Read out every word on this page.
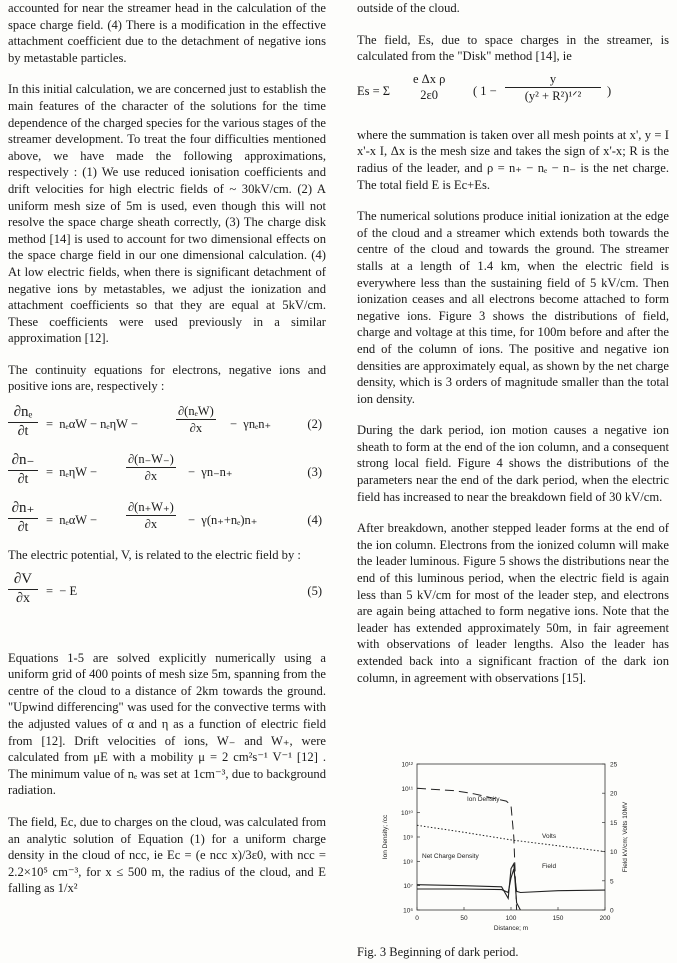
accounted for near the streamer head in the calculation of the space charge field. (4) There is a modification in the effective attachment coefficient due to the detachment of negative ions by metastable particles.

In this initial calculation, we are concerned just to establish the main features of the character of the solutions for the time dependence of the charged species for the various stages of the streamer development. To treat the four difficulties mentioned above, we have made the following approximations, respectively : (1) We use reduced ionisation coefficients and drift velocities for high electric fields of ~ 30kV/cm. (2) A uniform mesh size of 5m is used, even though this will not resolve the space charge sheath correctly, (3) The charge disk method [14] is used to account for two dimensional effects on the space charge field in our one dimensional calculation. (4) At low electric fields, when there is significant detachment of negative ions by metastables, we adjust the ionization and attachment coefficients so that they are equal at 5kV/cm. These coefficients were used previously in a similar approximation [12].

The continuity equations for electrons, negative ions and positive ions are, respectively :

$\frac{\text{∂nₑ}}{\partial t} = n_e\alpha W - n_e\eta W$ −
∂(nₑW)
∂x	−  γnₑn₊	(2)
$\frac{\partial n_-}{\partial t} = n_e\eta W - \frac{\partial(n_-W_-)}{\partial x} - \gamma n_-n_+$	(3)
$\frac{\partial n_+}{\partial t} = n_e\alpha W - \frac{\partial(n_+W_+)}{\partial x} - \gamma(n_++n_e)n_+$	(4)

The electric potential, V, is related to the electric field by :

$\frac{\partial V}{\partial x}$ =  − E	(5)

Equations 1-5 are solved explicitly numerically using a uniform grid of 400 points of mesh size 5m, spanning from the centre of the cloud to a distance of 2km towards the ground. "Upwind differencing" was used for the convective terms with the adjusted values of α and η as a function of electric field from [12]. Drift velocities of ions, W₋ and W₊, were calculated from μE with a mobility μ = 2 cm²s⁻¹ V⁻¹ [12] . The minimum value of nₑ was set at 1cm⁻³, due to background radiation.

The field, Ec, due to charges on the cloud, was calculated from an analytic solution of Equation (1) for a uniform charge density in the cloud of ncc, ie Ec = (e ncc x)/3ε0, with ncc = 2.2×10⁵ cm⁻³, for x ≤ 500 m, the radius of the cloud, and E falling as 1/x²

outside of the cloud.

The field, Es, due to space charges in the streamer, is calculated from the "Disk" method [14], ie

Es = Σ
e Δx ρ
2ε0	( 1 −
y
(y² + R²)¹ᐟ²	)

where the summation is taken over all mesh points at x', y = I x'-x I, Δx is the mesh size and takes the sign of x'-x; R is the radius of the leader, and ρ = n₊ − nₑ − n₋ is the net charge. The total field E is Ec+Es.

The numerical solutions produce initial ionization at the edge of the cloud and a streamer which extends both towards the centre of the cloud and towards the ground. The streamer stalls at a length of 1.4 km, when the electric field is everywhere less than the sustaining field of 5 kV/cm. Then ionization ceases and all electrons become attached to form negative ions. Figure 3 shows the distributions of field, charge and voltage at this time, for 100m before and after the end of the column of ions. The positive and negative ion densities are approximately equal, as shown by the net charge density, which is 3 orders of magnitude smaller than the total ion density.

During the dark period, ion motion causes a negative ion sheath to form at the end of the ion column, and a consequent strong local field. Figure 4 shows the distributions of the parameters near the end of the dark period, when the electric field has increased to near the breakdown field of 30 kV/cm.

After breakdown, another stepped leader forms at the end of the ion column. Electrons from the ionized column will make the leader luminous. Figure 5 shows the distributions near the end of this luminous period, when the electric field is again less than 5 kV/cm for most of the leader step, and electrons are again being attached to form negative ions. Note that the leader has extended approximately 50m, in fair agreement with observations of leader lengths. Also the leader has extended back into a significant fraction of the dark ion column, in agreement with observations [15].

0	50	100	150	200
10⁶
10⁷
10⁸
10⁹
10¹⁰
10¹¹
10¹²
0
5
10
15
20
25
Distance; m
Ion Density; /cc	Field kV/cm; Volts 10MV
Ion Density
Volts
Field
Net Charge Density
Fig. 3 Beginning of dark period.
